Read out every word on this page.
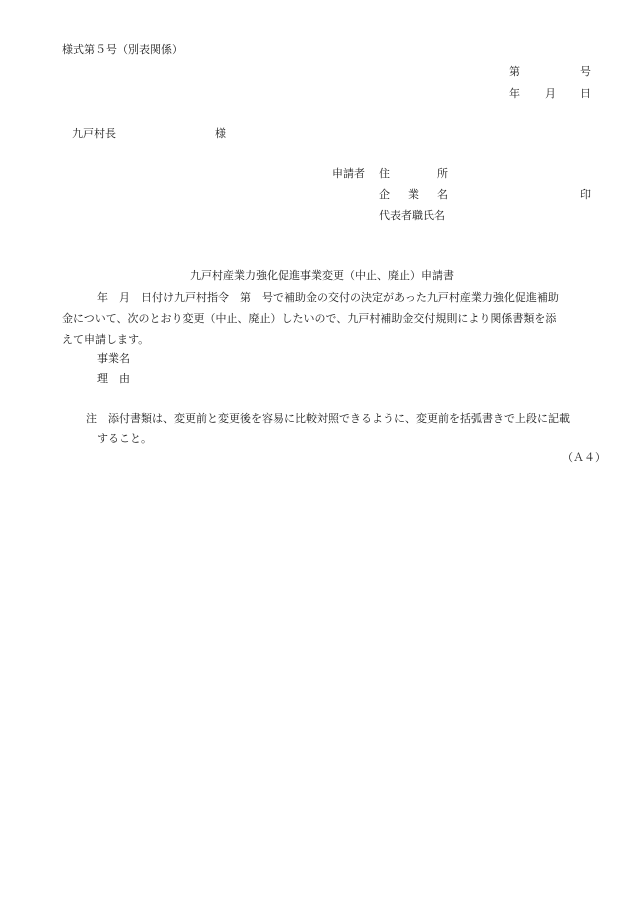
様式第５号（別表関係）
第	号
年 月 日
九戸村長	様
申請者 住	所
企 業 名	印
代表者職氏名
九戸村産業力強化促進事業変更（中止、廃止）申請書
年　月　日付け九戸村指令　第　号で補助金の交付の決定があった九戸村産業力強化促進補助
金について、次のとおり変更（中止、廃止）したいので、九戸村補助金交付規則により関係書類を添
えて申請します。
事業名
理　由
注 添付書類は、変更前と変更後を容易に比較対照できるように、変更前を括弧書きで上段に記載
すること。
（Ａ４）
